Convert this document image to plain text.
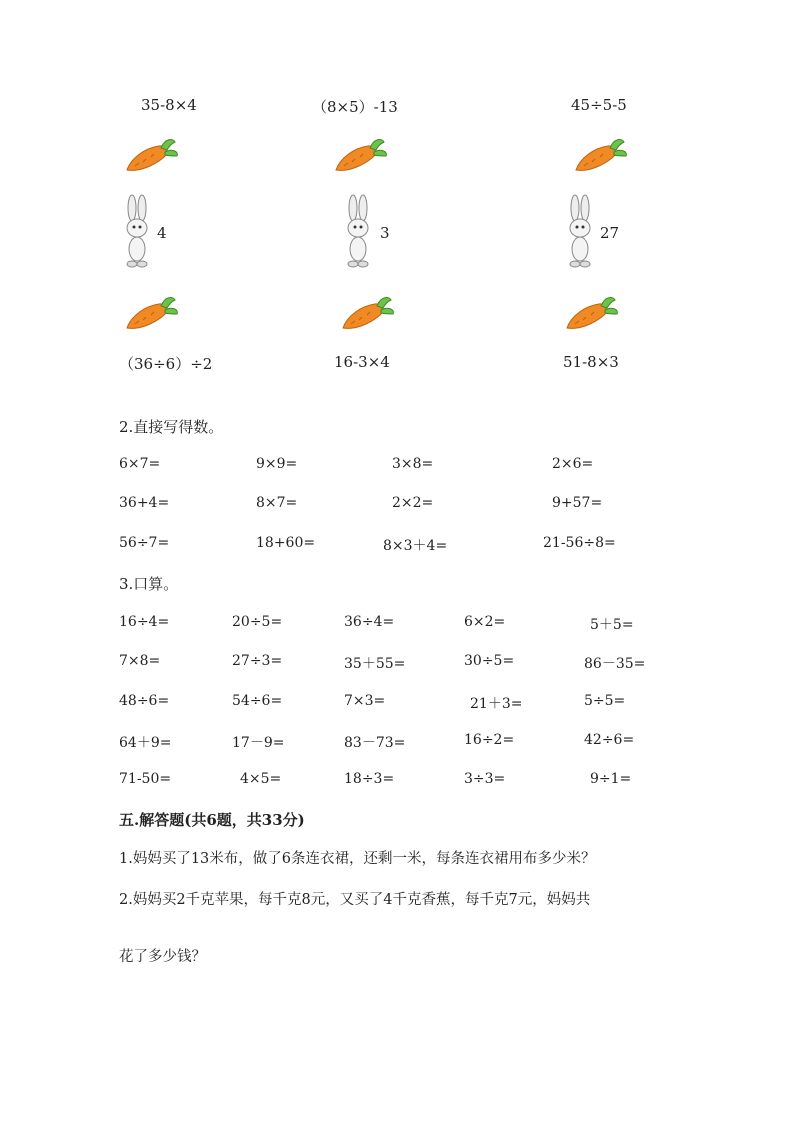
35-8×4	（8×5）-13	45÷5-5
4	3	27
（36÷6）÷2	16-3×4	51-8×3
2.直接写得数。
6×7=	9×9=	3×8=	2×6=
36+4=	8×7=	2×2=	9+57=
56÷7=	18+60=	8×3＋4=	21-56÷8=
3.口算。
16÷4=	20÷5=	36÷4=	6×2=	5＋5=
7×8=	27÷3=	35＋55=	30÷5=	86－35=
48÷6=	54÷6=	7×3=	21＋3=	5÷5=
64＋9=	17－9=	83－73=	16÷2=	42÷6=
71-50=	4×5=	18÷3=	3÷3=	9÷1=
五.解答题(共6题，共33分)
1.妈妈买了13米布，做了6条连衣裙，还剩一米，每条连衣裙用布多少米？
2.妈妈买2千克苹果，每千克8元，又买了4千克香蕉，每千克7元，妈妈共
花了多少钱？
